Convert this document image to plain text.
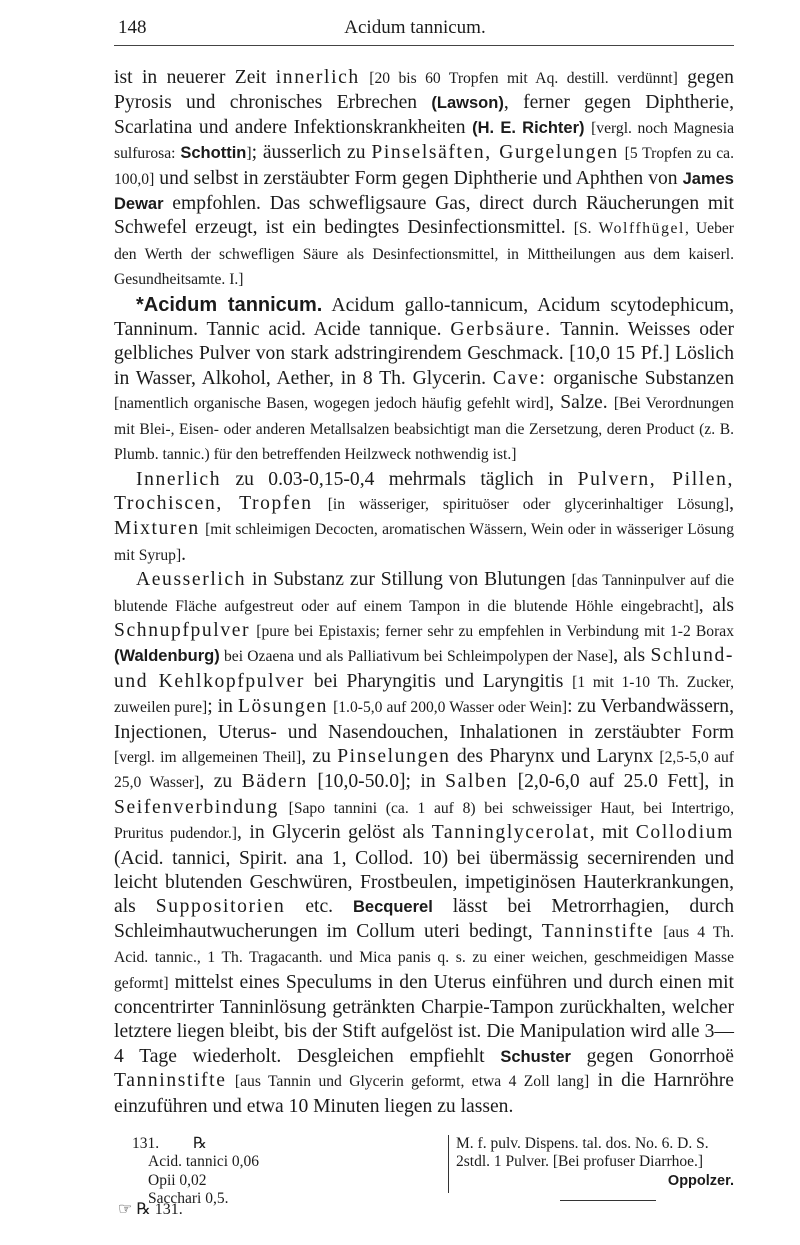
148	Acidum tannicum.

ist in neuerer Zeit innerlich [20 bis 60 Tropfen mit Aq. destill. verdünnt] gegen Pyrosis und chronisches Erbrechen (Lawson), ferner gegen Diphtherie, Scarlatina und andere Infektionskrankheiten (H. E. Richter) [vergl. noch Magnesia sulfurosa: Schottin]; äusserlich zu Pinselsäften, Gurgelungen [5 Tropfen zu ca. 100,0] und selbst in zerstäubter Form gegen Diphtherie und Aphthen von James Dewar empfohlen. Das schwefligsaure Gas, direct durch Räucherungen mit Schwefel erzeugt, ist ein bedingtes Desinfectionsmittel. [S. Wolffhügel, Ueber den Werth der schwefligen Säure als Desinfectionsmittel, in Mittheilungen aus dem kaiserl. Gesundheitsamte. I.]

*Acidum tannicum. Acidum gallo-tannicum, Acidum scytodephicum, Tanninum. Tannic acid. Acide tannique. Gerbsäure. Tannin. Weisses oder gelbliches Pulver von stark adstringirendem Geschmack. [10,0 15 Pf.] Löslich in Wasser, Alkohol, Aether, in 8 Th. Glycerin. Cave: organische Substanzen [namentlich organische Basen, wogegen jedoch häufig gefehlt wird], Salze. [Bei Verordnungen mit Blei-, Eisen- oder anderen Metallsalzen beabsichtigt man die Zersetzung, deren Product (z. B. Plumb. tannic.) für den betreffenden Heilzweck nothwendig ist.]

Innerlich zu 0.03-0,15-0,4 mehrmals täglich in Pulvern, Pillen, Trochiscen, Tropfen [in wässeriger, spirituöser oder glycerinhaltiger Lösung], Mixturen [mit schleimigen Decocten, aromatischen Wässern, Wein oder in wässeriger Lösung mit Syrup].

Aeusserlich in Substanz zur Stillung von Blutungen [das Tanninpulver auf die blutende Fläche aufgestreut oder auf einem Tampon in die blutende Höhle eingebracht], als Schnupfpulver [pure bei Epistaxis; ferner sehr zu empfehlen in Verbindung mit 1-2 Borax (Waldenburg) bei Ozaena und als Palliativum bei Schleimpolypen der Nase], als Schlund- und Kehlkopfpulver bei Pharyngitis und Laryngitis [1 mit 1-10 Th. Zucker, zuweilen pure]; in Lösungen [1.0-5,0 auf 200,0 Wasser oder Wein]: zu Verbandwässern, Injectionen, Uterus- und Nasendouchen, Inhalationen in zerstäubter Form [vergl. im allgemeinen Theil], zu Pinselungen des Pharynx und Larynx [2,5-5,0 auf 25,0 Wasser], zu Bädern [10,0-50.0]; in Salben [2,0-6,0 auf 25.0 Fett], in Seifenverbindung [Sapo tannini (ca. 1 auf 8) bei schweissiger Haut, bei Intertrigo, Pruritus pudendor.], in Glycerin gelöst als Tanninglycerolat, mit Collodium (Acid. tannici, Spirit. ana 1, Collod. 10) bei übermässig secernirenden und leicht blutenden Geschwüren, Frostbeulen, impetiginösen Hauterkrankungen, als Suppositorien etc. Becquerel lässt bei Metrorrhagien, durch Schleimhautwucherungen im Collum uteri bedingt, Tanninstifte [aus 4 Th. Acid. tannic., 1 Th. Tragacanth. und Mica panis q. s. zu einer weichen, geschmeidigen Masse geformt] mittelst eines Speculums in den Uterus einführen und durch einen mit concentrirter Tanninlösung getränkten Charpie-Tampon zurückhalten, welcher letztere liegen bleibt, bis der Stift aufgelöst ist. Die Manipulation wird alle 3—4 Tage wiederholt. Desgleichen empfiehlt Schuster gegen Gonorrhoë Tanninstifte [aus Tannin und Glycerin geformt, etwa 4 Zoll lang] in die Harnröhre einzuführen und etwa 10 Minuten liegen zu lassen.

131. ℞
Acid. tannici 0,06
Opii 0,02
Sacchari 0,5.
M. f. pulv. Dispens. tal. dos. No. 6. D. S.
2stdl. 1 Pulver. [Bei profuser Diarrhoe.]
Oppolzer.
☞ ℞ 131.
